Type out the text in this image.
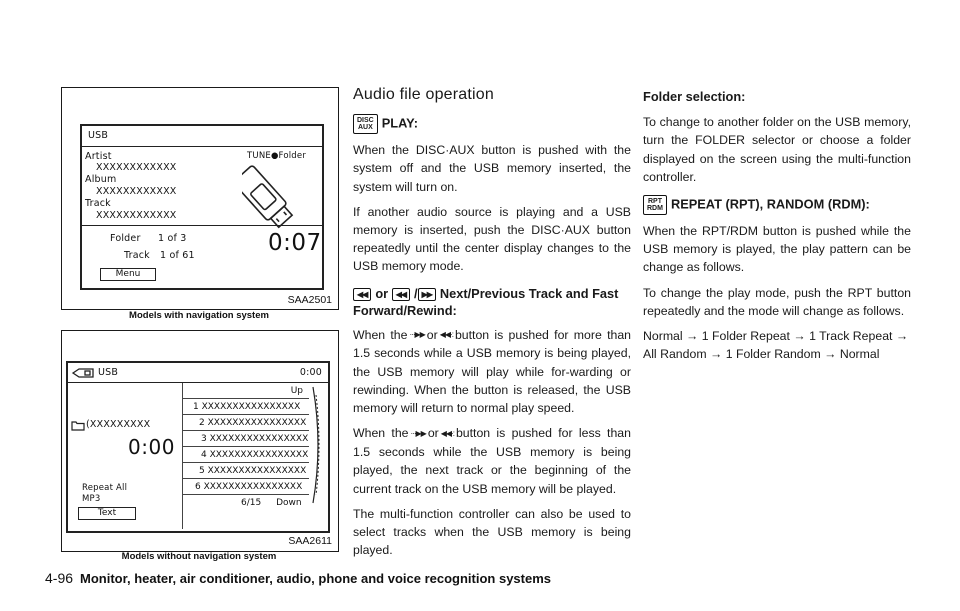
USB
TUNE●Folder
Artist
XXXXXXXXXXXX
Album
XXXXXXXXXXXX
Track
XXXXXXXXXXXX
Folder 1 of 3
Track 1 of 61	0:07
Menu
SAA2501
Models with navigation system
USB	0:00
(XXXXXXXXX
0:00
Repeat All
MP3
Text
Up
1 XXXXXXXXXXXXXXXX
2 XXXXXXXXXXXXXXXX
3 XXXXXXXXXXXXXXXX
4 XXXXXXXXXXXXXXXX
5 XXXXXXXXXXXXXXXX
6 XXXXXXXXXXXXXXXX
6/15 Down
SAA2611
Models without navigation system
Audio file operation
DISC
AUX PLAY:

When the DISC·AUX button is pushed with the system off and the USB memory inserted, the system will turn on.

If another audio source is playing and a USB memory is inserted, push the DISC·AUX button repeatedly until the center display changes to the USB memory mode.

◀◀ or ◀◀ / ▶▶ Next/Previous Track and Fast Forward/Rewind:

When the ···▶▶ or ◀◀·: button is pushed for more than 1.5 seconds while a USB memory is being played, the USB memory will play while for-warding or rewinding. When the button is released, the USB memory will return to normal play speed.

When the ···▶▶ or ◀◀·: button is pushed for less than 1.5 seconds while the USB memory is being played, the next track or the beginning of the current track on the USB memory will be played.

The multi-function controller can also be used to select tracks when the USB memory is being played.

Folder selection:

To change to another folder on the USB memory, turn the FOLDER selector or choose a folder displayed on the screen using the multi-function controller.

RPT
RDM REPEAT (RPT), RANDOM (RDM):

When the RPT/RDM button is pushed while the USB memory is played, the play pattern can be change as follows.

To change the play mode, push the RPT button repeatedly and the mode will change as follows.

Normal → 1 Folder Repeat → 1 Track Repeat → All Random → 1 Folder Random → Normal

4-96 Monitor, heater, air conditioner, audio, phone and voice recognition systems
